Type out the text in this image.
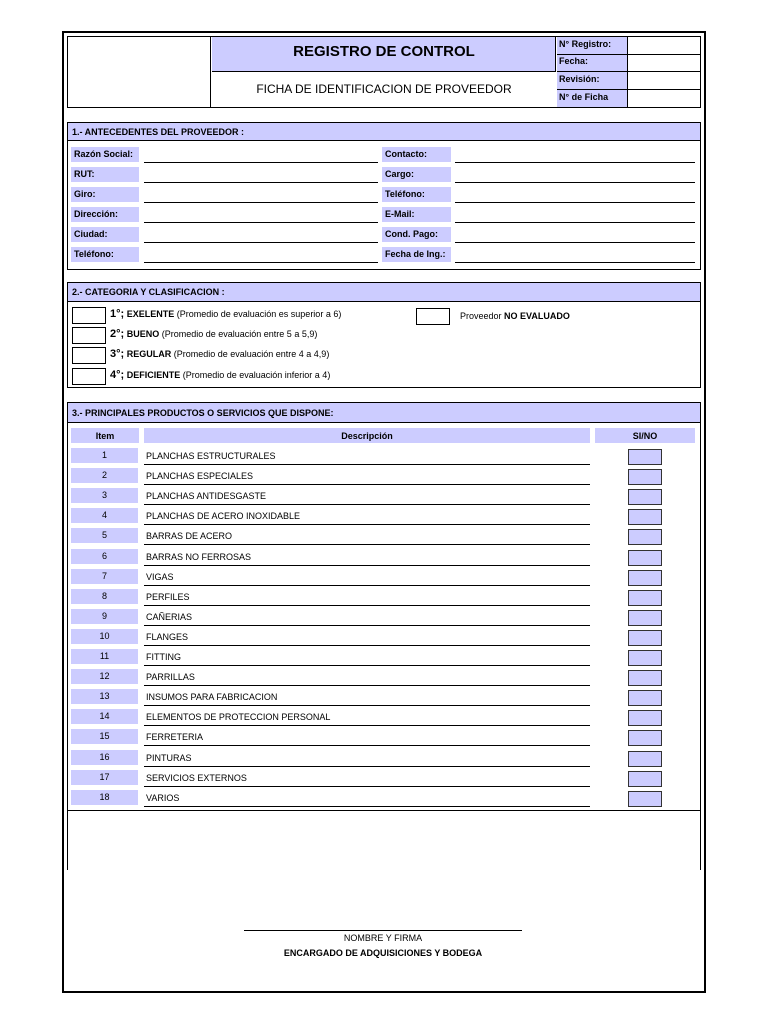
REGISTRO DE CONTROL
FICHA DE IDENTIFICACION DE PROVEEDOR
N° Registro:
Fecha:
Revisión:
N° de Ficha
1.- ANTECEDENTES DEL PROVEEDOR :
Razón Social:
RUT:
Giro:
Dirección:
Ciudad:
Teléfono:
Contacto:
Cargo:
Teléfono:
E-Mail:
Cond. Pago:
Fecha de Ing.:
2.- CATEGORIA Y CLASIFICACION :
1°; EXELENTE (Promedio de evaluación es superior a 6)
2°; BUENO (Promedio de evaluación entre 5 a 5,9)
3°; REGULAR (Promedio de evaluación entre 4 a 4,9)
4°; DEFICIENTE (Promedio de evaluación inferior a 4)
Proveedor NO EVALUADO
3.- PRINCIPALES PRODUCTOS O SERVICIOS QUE DISPONE:
Item	Descripción	SI/NO
1	PLANCHAS ESTRUCTURALES
2	PLANCHAS ESPECIALES
3	PLANCHAS ANTIDESGASTE
4	PLANCHAS DE ACERO INOXIDABLE
5	BARRAS DE ACERO
6	BARRAS NO FERROSAS
7	VIGAS
8	PERFILES
9	CAÑERIAS
10	FLANGES
11	FITTING
12	PARRILLAS
13	INSUMOS PARA FABRICACION
14	ELEMENTOS DE PROTECCION PERSONAL
15	FERRETERIA
16	PINTURAS
17	SERVICIOS EXTERNOS
18	VARIOS
NOMBRE Y FIRMA
ENCARGADO DE ADQUISICIONES Y BODEGA
